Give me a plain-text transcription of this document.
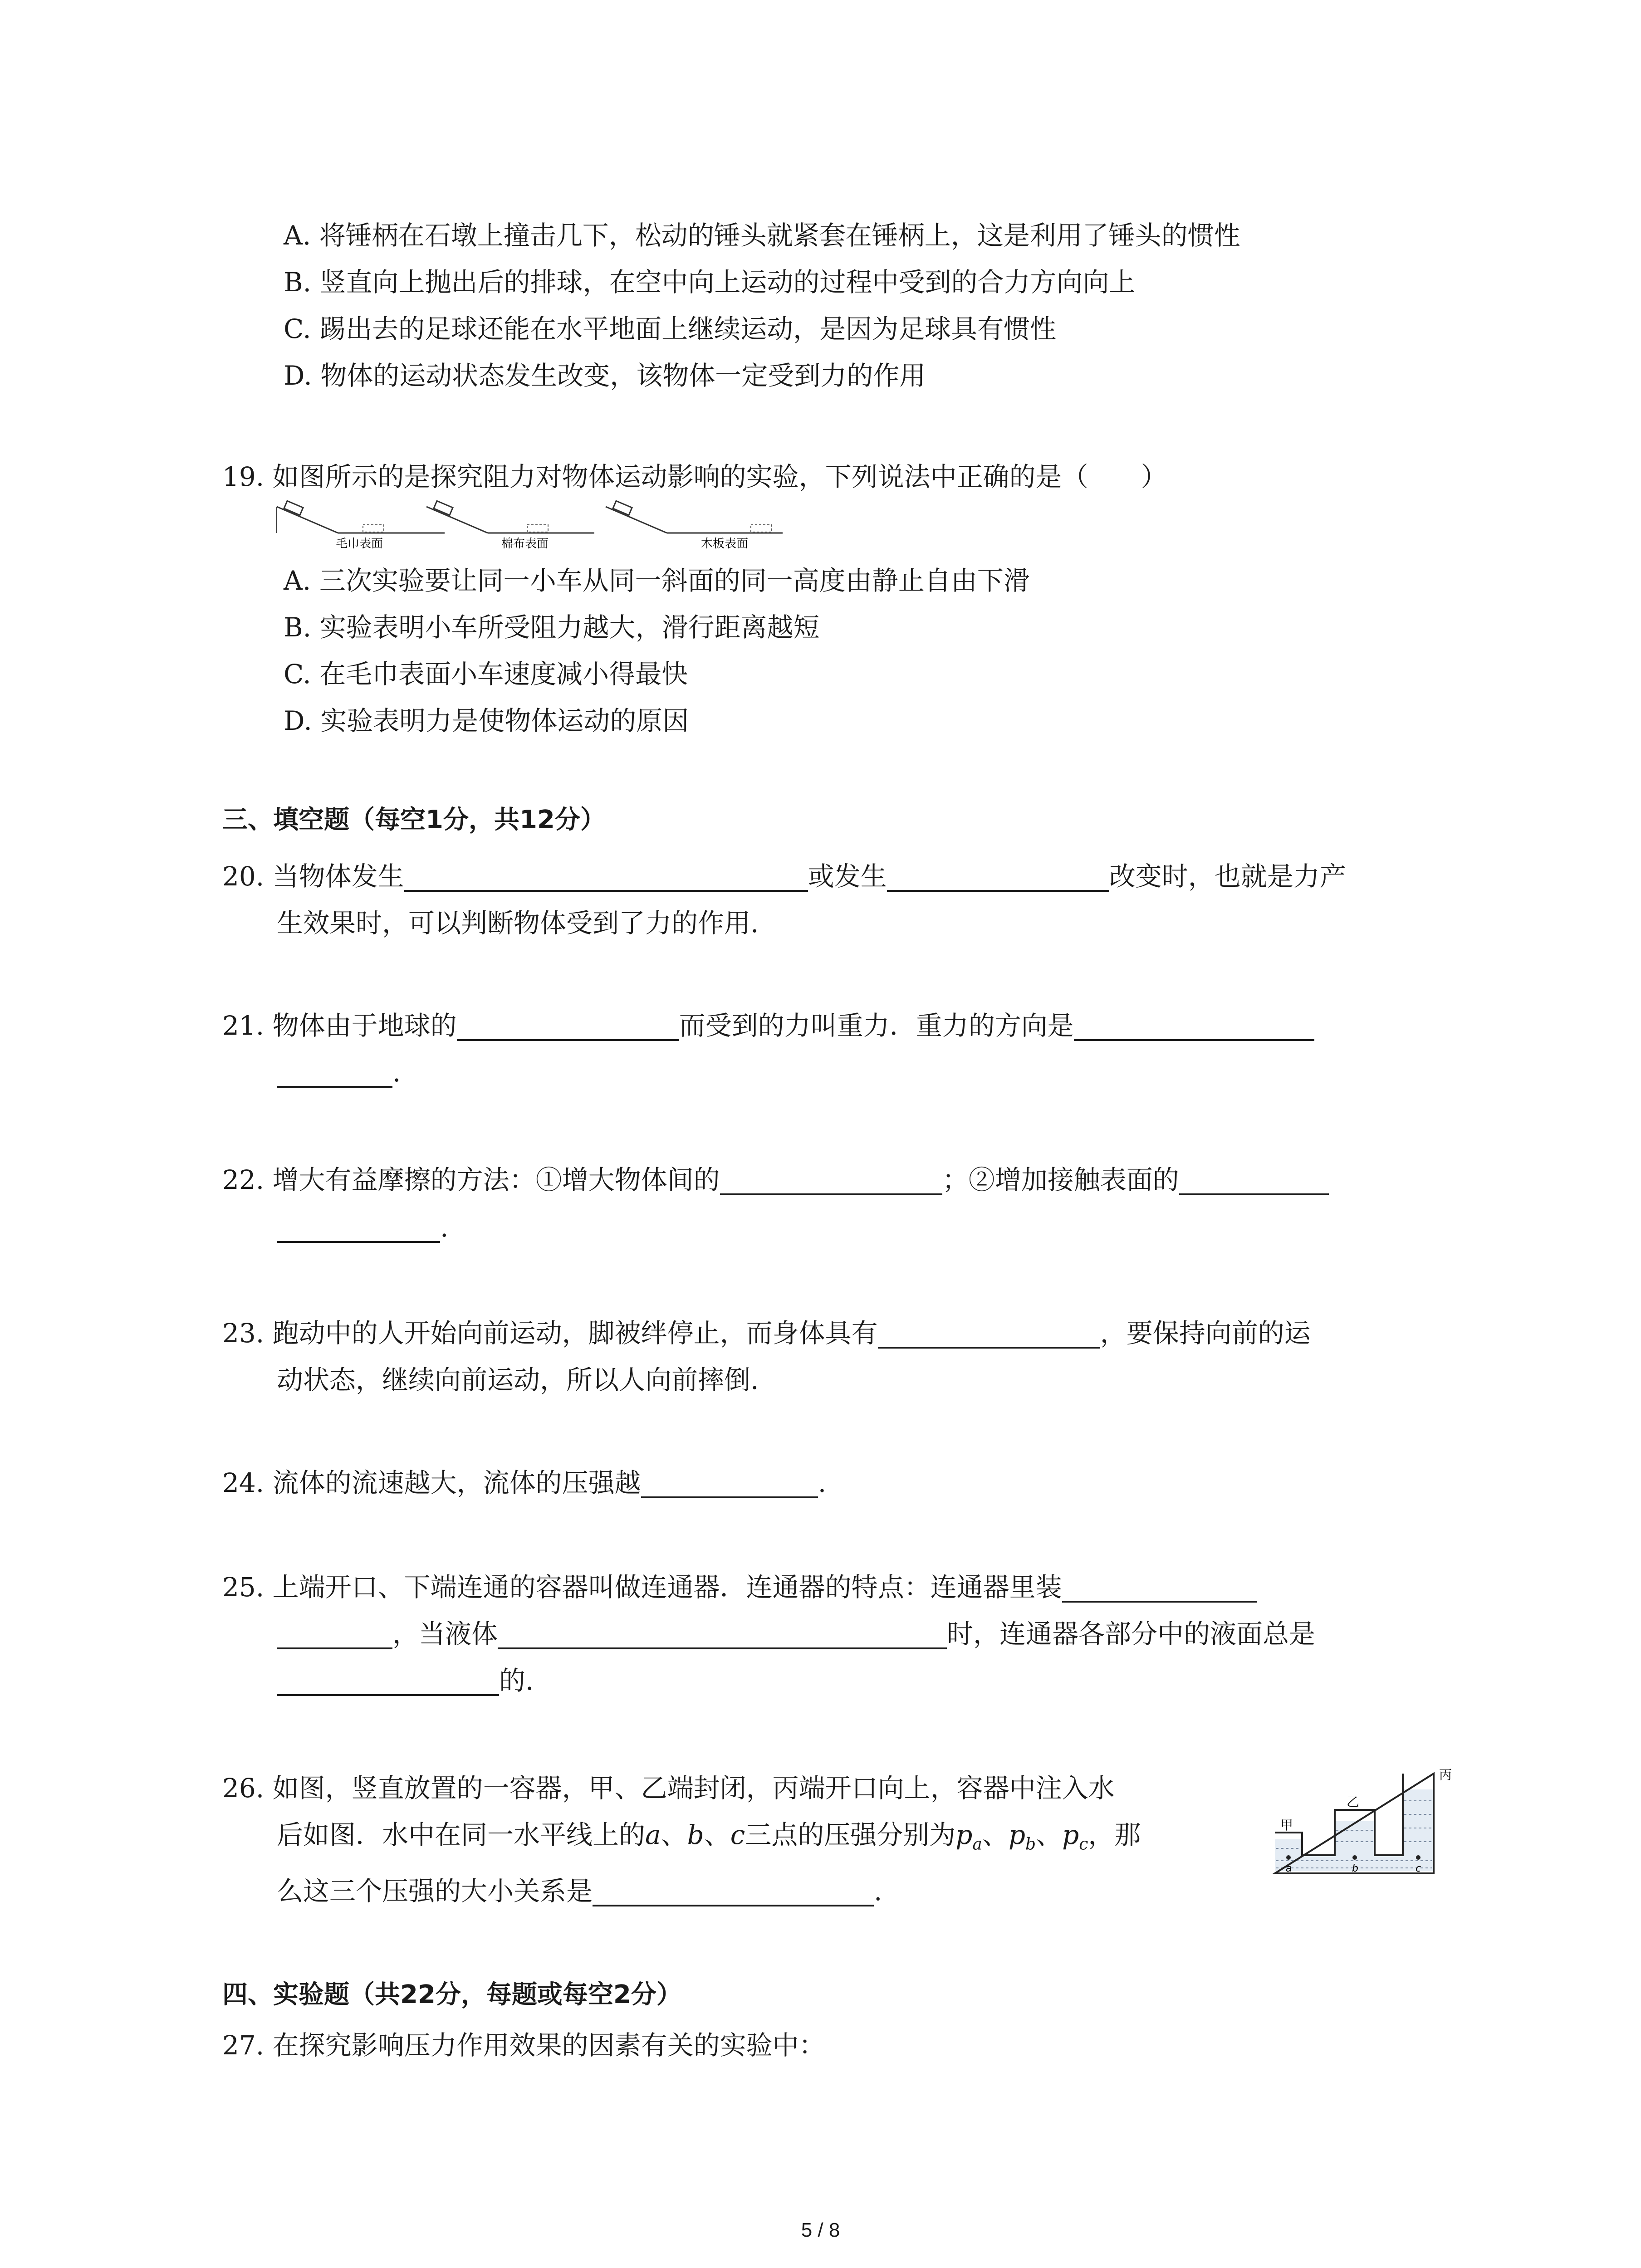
A. 将锤柄在石墩上撞击几下，松动的锤头就紧套在锤柄上，这是利用了锤头的惯性
B. 竖直向上抛出后的排球，在空中向上运动的过程中受到的合力方向向上
C. 踢出去的足球还能在水平地面上继续运动，是因为足球具有惯性
D. 物体的运动状态发生改变，该物体一定受到力的作用
19. 如图所示的是探究阻力对物体运动影响的实验，下列说法中正确的是（　　）
毛巾表面	棉布表面	木板表面
A. 三次实验要让同一小车从同一斜面的同一高度由静止自由下滑
B. 实验表明小车所受阻力越大，滑行距离越短
C. 在毛巾表面小车速度减小得最快
D. 实验表明力是使物体运动的原因
三、填空题（每空1分，共12分）
20. 当物体发生	或发生	改变时，也就是力产
生效果时，可以判断物体受到了力的作用.
21. 物体由于地球的	而受到的力叫重力．重力的方向是
.
22. 增大有益摩擦的方法：①增大物体间的	；②增加接触表面的
.
23. 跑动中的人开始向前运动，脚被绊停止，而身体具有	，要保持向前的运
动状态，继续向前运动，所以人向前摔倒.
24. 流体的流速越大，流体的压强越	.
25. 上端开口、下端连通的容器叫做连通器．连通器的特点：连通器里装
，当液体	时，连通器各部分中的液面总是
的.
26. 如图，竖直放置的一容器，甲、乙端封闭，丙端开口向上，容器中注入水
后如图．水中在同一水平线上的a、b、c三点的压强分别为$p_a$、$p_b$、$p_c$，那
么这三个压强的大小关系是	.
甲
乙
丙
a	b	c
四、实验题（共22分，每题或每空2分）
27. 在探究影响压力作用效果的因素有关的实验中：
5 / 8
